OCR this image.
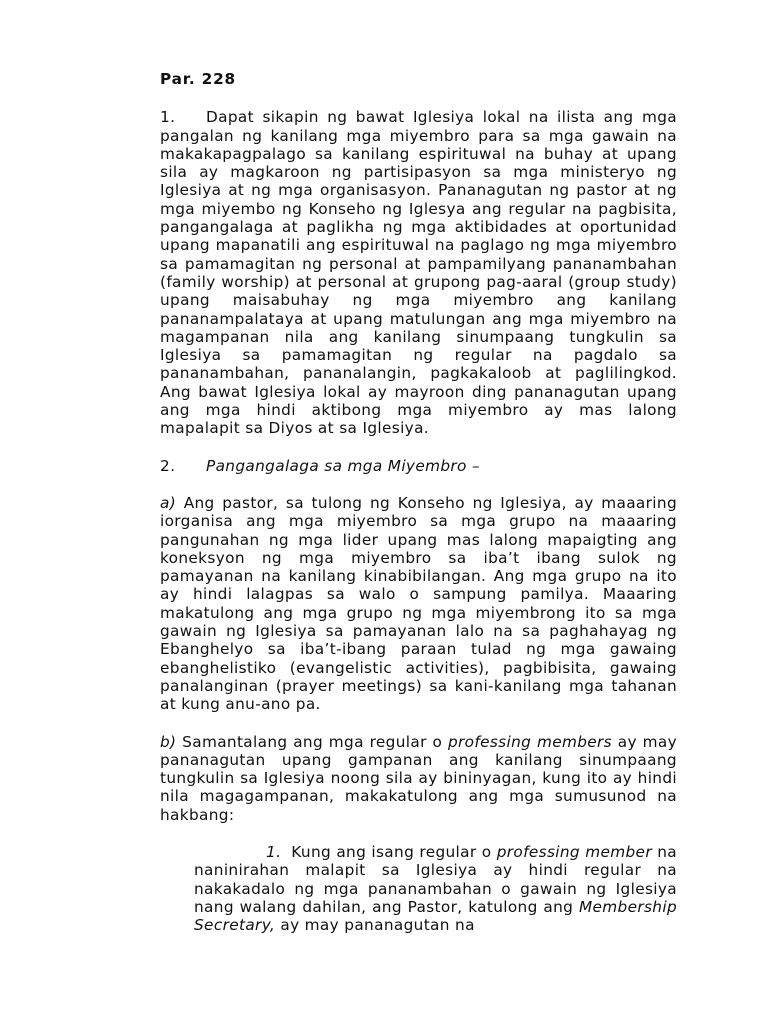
Par. 228
1. Dapat sikapin ng bawat Iglesiya lokal na ilista ang mga pangalan ng kanilang mga miyembro para sa mga gawain na makakapagpalago sa kanilang espirituwal na buhay at upang sila ay magkaroon ng partisipasyon sa mga ministeryo ng Iglesiya at ng mga organisasyon. Pananagutan ng pastor at ng mga miyembo ng Konseho ng Iglesya ang regular na pagbisita, pangangalaga at paglikha ng mga aktibidades at oportunidad upang mapanatili ang espirituwal na paglago ng mga miyembro sa pamamagitan ng personal at pampamilyang pananambahan (family worship) at personal at grupong pag-aaral (group study) upang maisabuhay ng mga miyembro ang kanilang pananampalataya at upang matulungan ang mga miyembro na magampanan nila ang kanilang sinumpaang tungkulin sa Iglesiya sa pamamagitan ng regular na pagdalo sa pananambahan, pananalangin, pagkakaloob at paglilingkod. Ang bawat Iglesiya lokal ay mayroon ding pananagutan upang ang mga hindi aktibong mga miyembro ay mas lalong mapalapit sa Diyos at sa Iglesiya.
2. Pangangalaga sa mga Miyembro –
a) Ang pastor, sa tulong ng Konseho ng Iglesiya, ay maaaring iorganisa ang mga miyembro sa mga grupo na maaaring pangunahan ng mga lider upang mas lalong mapaigting ang koneksyon ng mga miyembro sa iba’t ibang sulok ng pamayanan na kanilang kinabibilangan. Ang mga grupo na ito ay hindi lalagpas sa walo o sampung pamilya. Maaaring makatulong ang mga grupo ng mga miyembrong ito sa mga gawain ng Iglesiya sa pamayanan lalo na sa paghahayag ng Ebanghelyo sa iba’t-ibang paraan tulad ng mga gawaing ebanghelistiko (evangelistic activities), pagbibisita, gawaing panalanginan (prayer meetings) sa kani-kanilang mga tahanan at kung anu-ano pa.
b) Samantalang ang mga regular o professing members ay may pananagutan upang gampanan ang kanilang sinumpaang tungkulin sa Iglesiya noong sila ay bininyagan, kung ito ay hindi nila magagampanan, makakatulong ang mga sumusunod na hakbang:
1. Kung ang isang regular o professing member na naninirahan malapit sa Iglesiya ay hindi regular na nakakadalo ng mga pananambahan o gawain ng Iglesiya nang walang dahilan, ang Pastor, katulong ang Membership Secretary, ay may pananagutan na
